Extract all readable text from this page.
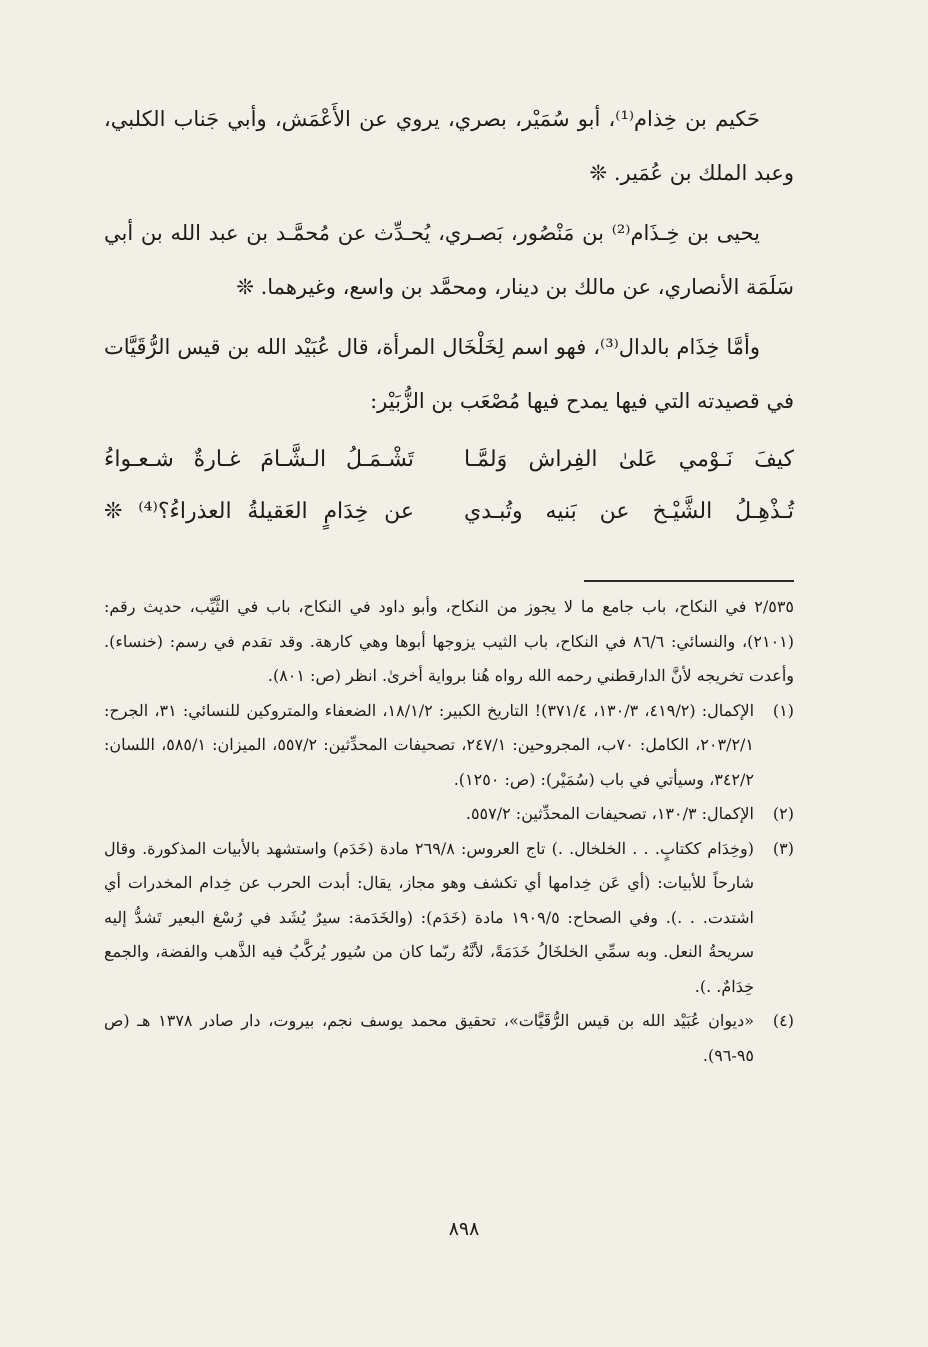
حَكيم بن خِذام⁽¹⁾، أبو سُمَيْر، بصري، يروي عن الأَعْمَش، وأبي جَناب الكلبي، وعبد الملك بن عُمَير. ❊

يحيى بن خِـذَام⁽²⁾ بن مَنْصُور، بَصـري، يُحـدِّث عن مُحمَّـد بن عبد الله بن أبي سَلَمَة الأنصاري، عن مالك بن دينار، ومحمَّد بن واسع، وغيرهما. ❊

وأمَّا خِذَام بالدال⁽³⁾، فهو اسم لِخَلْخَال المرأة، قال عُبَيْد الله بن قيس الرُّقَيَّات في قصيدته التي فيها يمدح فيها مُصْعَب بن الزُّبَيْر:

كيفَ نَـوْمي عَلىٰ الفِراش وَلمَّـا
تَشْـمَـلُ الـشَّـامَ غـارةٌ شـعـواءُ
تُـذْهِـلُ الشَّيْـخ عن بَنيه وتُبـدي
عن خِدَامٍ العَقيلةُ العذراءُ؟⁽⁴⁾ ❊

٢/٥٣٥ في النكاح، باب جامع ما لا يجوز من النكاح، وأبو داود في النكاح، باب في الثَّيِّب، حديث رقم: (٢١٠١)، والنسائي: ٨٦/٦ في النكاح، باب الثيب يزوجها أبوها وهي كارهة. وقد تقدم في رسم: (خنساء). وأعدت تخريجه لأنَّ الدارقطني رحمه الله رواه هُنا برواية أخرىٰ. انظر (ص: ٨٠١).

(١)
الإكمال: (٤١٩/٢، ١٣٠/٣، ٣٧١/٤)! التاريخ الكبير: ١٨/١/٢، الضعفاء والمتروكين للنسائي: ٣١، الجرح: ٢٠٣/٢/١، الكامل: ٧٠ب، المجروحين: ٢٤٧/١، تصحيفات المحدِّثين: ٥٥٧/٢، الميزان: ٥٨٥/١، اللسان: ٣٤٢/٢، وسيأتي في باب (سُمَيْر): (ص: ١٢٥٠).
(٢)
الإكمال: ١٣٠/٣، تصحيفات المحدِّثين: ٥٥٧/٢.
(٣)
(وخِدَام ككتابٍ. . . الخلخال. .) تاج العروس: ٢٦٩/٨ مادة (خَدَم) واستشهد بالأبيات المذكورة. وقال شارحاً للأبيات: (أي عَن خِدامها أي تكشف وهو مجاز، يقال: أبدت الحرب عن خِدام المخدرات أي اشتدت. . .). وفي الصحاح: ١٩٠٩/٥ مادة (خَدَم): (والخَدَمة: سيرٌ يُشَد في رُسْغ البعير تَشدُّ إليه سريحةُ النعل. وبه سمِّي الخلخَالُ خَدَمَةً، لأنَّهُ ربّما كان من سُيور يُركَّبُ فيه الذَّهب والفضة، والجمع خِدَامٌ. .).
(٤)
«ديوان عُبَيْد الله بن قيس الرُّقَيَّات»، تحقيق محمد يوسف نجم، بيروت، دار صادر ١٣٧٨ هـ (ص ٩٥-٩٦).
٨٩٨
